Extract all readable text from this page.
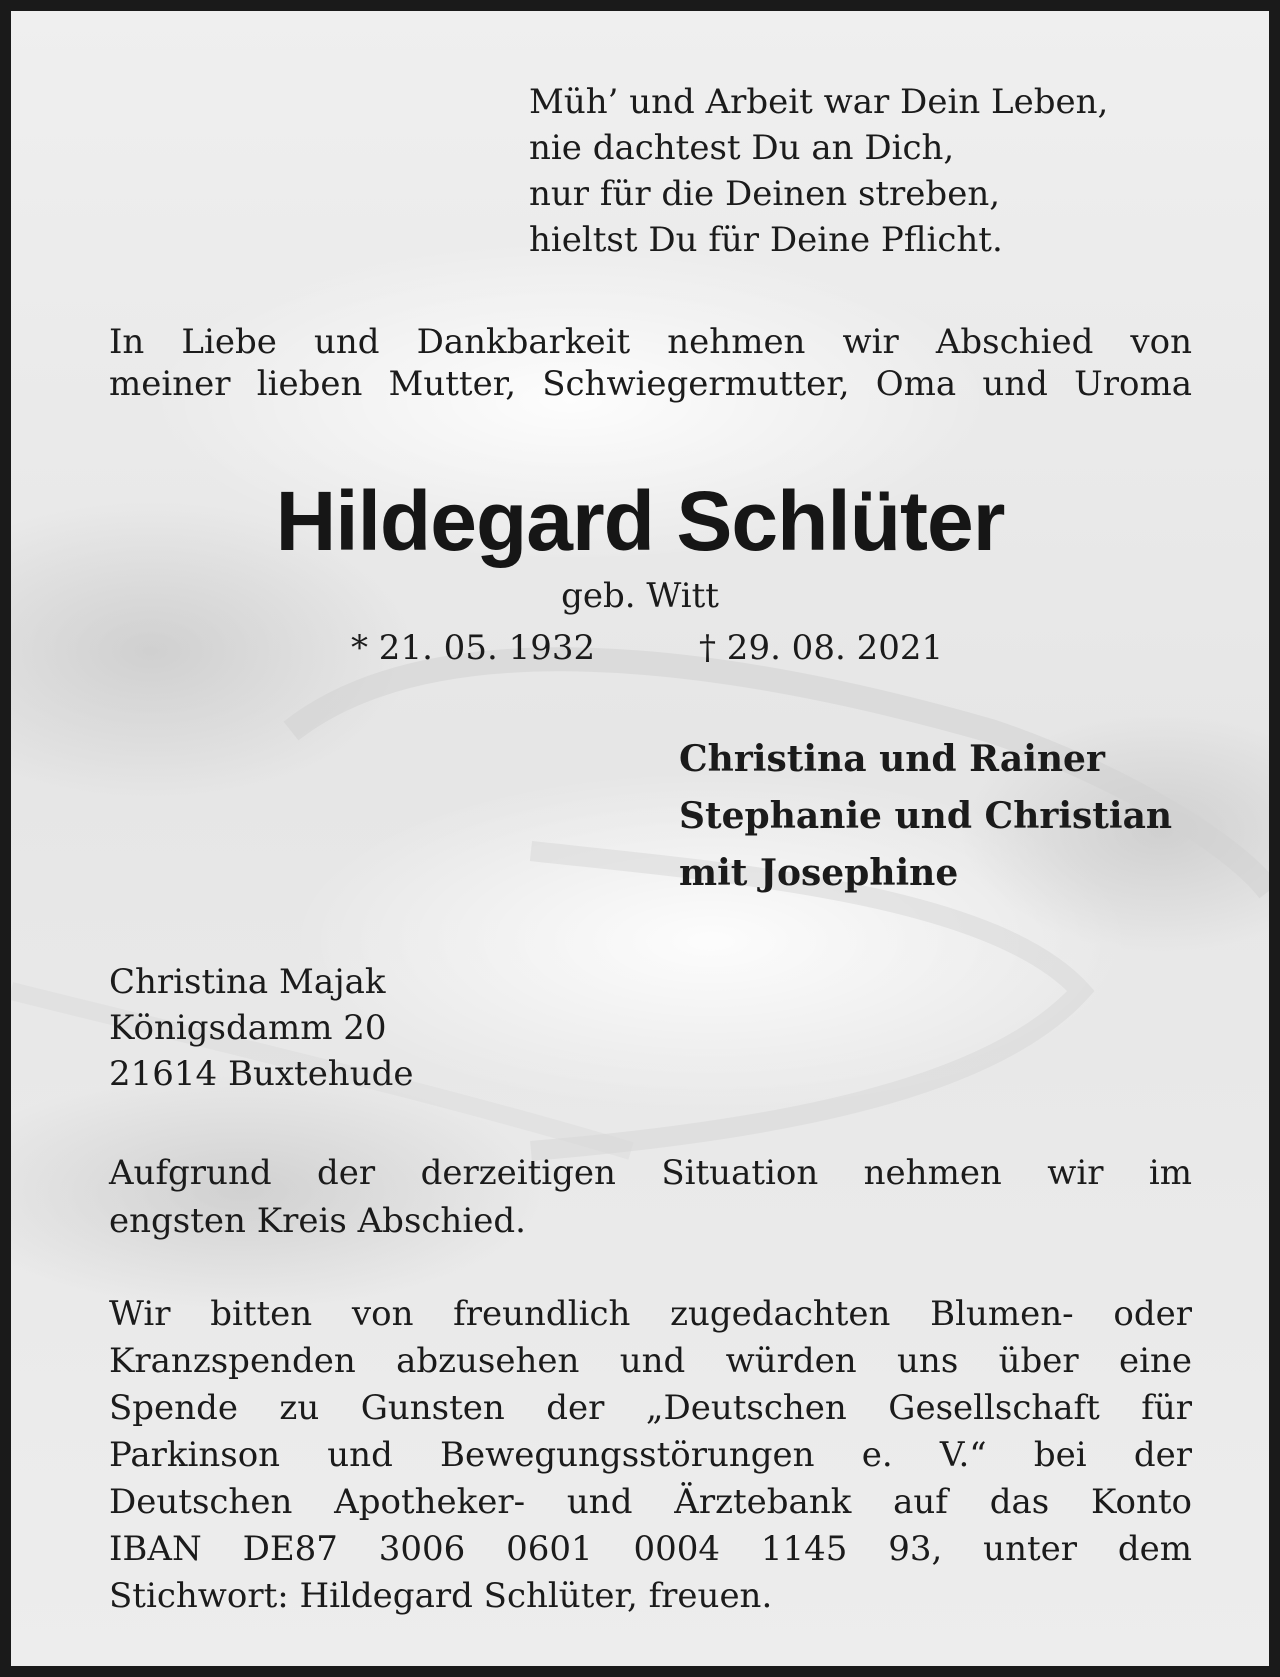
Müh’ und Arbeit war Dein Leben,
nie dachtest Du an Dich,
nur für die Deinen streben,
hieltst Du für Deine Pflicht.
In Liebe und Dankbarkeit nehmen wir Abschied von
meiner lieben Mutter, Schwiegermutter, Oma und Uroma
Hildegard Schlüter
geb. Witt
* 21. 05. 1932	† 29. 08. 2021
Christina und Rainer
Stephanie und Christian
mit Josephine
Christina Majak
Königsdamm 20
21614 Buxtehude
Aufgrund der derzeitigen Situation nehmen wir im
engsten Kreis Abschied.
Wir bitten von freundlich zugedachten Blumen- oder
Kranzspenden abzusehen und würden uns über eine
Spende zu Gunsten der „Deutschen Gesellschaft für
Parkinson und Bewegungsstörungen e. V.“ bei der
Deutschen Apotheker- und Ärztebank auf das Konto
IBAN DE87 3006 0601 0004 1145 93, unter dem
Stichwort: Hildegard Schlüter, freuen.
